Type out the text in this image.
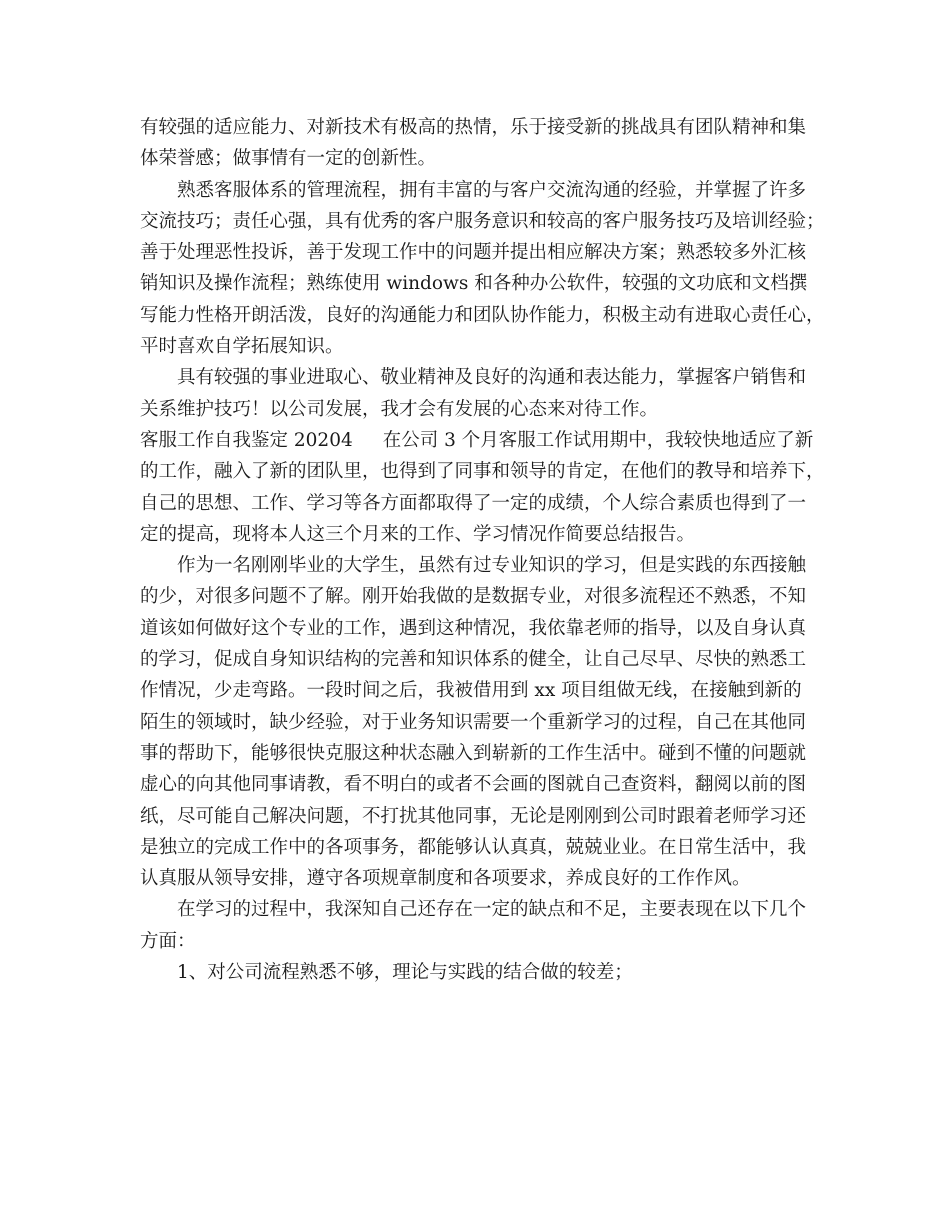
有较强的适应能力、对新技术有极高的热情，乐于接受新的挑战具有团队精神和集
体荣誉感；做事情有一定的创新性。
熟悉客服体系的管理流程，拥有丰富的与客户交流沟通的经验，并掌握了许多
交流技巧；责任心强，具有优秀的客户服务意识和较高的客户服务技巧及培训经验；
善于处理恶性投诉，善于发现工作中的问题并提出相应解决方案；熟悉较多外汇核
销知识及操作流程；熟练使用 windows 和各种办公软件，较强的文功底和文档撰
写能力性格开朗活泼，良好的沟通能力和团队协作能力，积极主动有进取心责任心，
平时喜欢自学拓展知识。
具有较强的事业进取心、敬业精神及良好的沟通和表达能力，掌握客户销售和
关系维护技巧！以公司发展，我才会有发展的心态来对待工作。
客服工作自我鉴定 20204 在公司 3 个月客服工作试用期中，我较快地适应了新
的工作，融入了新的团队里，也得到了同事和领导的肯定，在他们的教导和培养下，
自己的思想、工作、学习等各方面都取得了一定的成绩，个人综合素质也得到了一
定的提高，现将本人这三个月来的工作、学习情况作简要总结报告。
作为一名刚刚毕业的大学生，虽然有过专业知识的学习，但是实践的东西接触
的少，对很多问题不了解。刚开始我做的是数据专业，对很多流程还不熟悉，不知
道该如何做好这个专业的工作，遇到这种情况，我依靠老师的指导，以及自身认真
的学习，促成自身知识结构的完善和知识体系的健全，让自己尽早、尽快的熟悉工
作情况，少走弯路。一段时间之后，我被借用到 xx 项目组做无线，在接触到新的
陌生的领域时，缺少经验，对于业务知识需要一个重新学习的过程，自己在其他同
事的帮助下，能够很快克服这种状态融入到崭新的工作生活中。碰到不懂的问题就
虚心的向其他同事请教，看不明白的或者不会画的图就自己查资料，翻阅以前的图
纸，尽可能自己解决问题，不打扰其他同事，无论是刚刚到公司时跟着老师学习还
是独立的完成工作中的各项事务，都能够认认真真，兢兢业业。在日常生活中，我
认真服从领导安排，遵守各项规章制度和各项要求，养成良好的工作作风。
在学习的过程中，我深知自己还存在一定的缺点和不足，主要表现在以下几个
方面：
1、对公司流程熟悉不够，理论与实践的结合做的较差；
